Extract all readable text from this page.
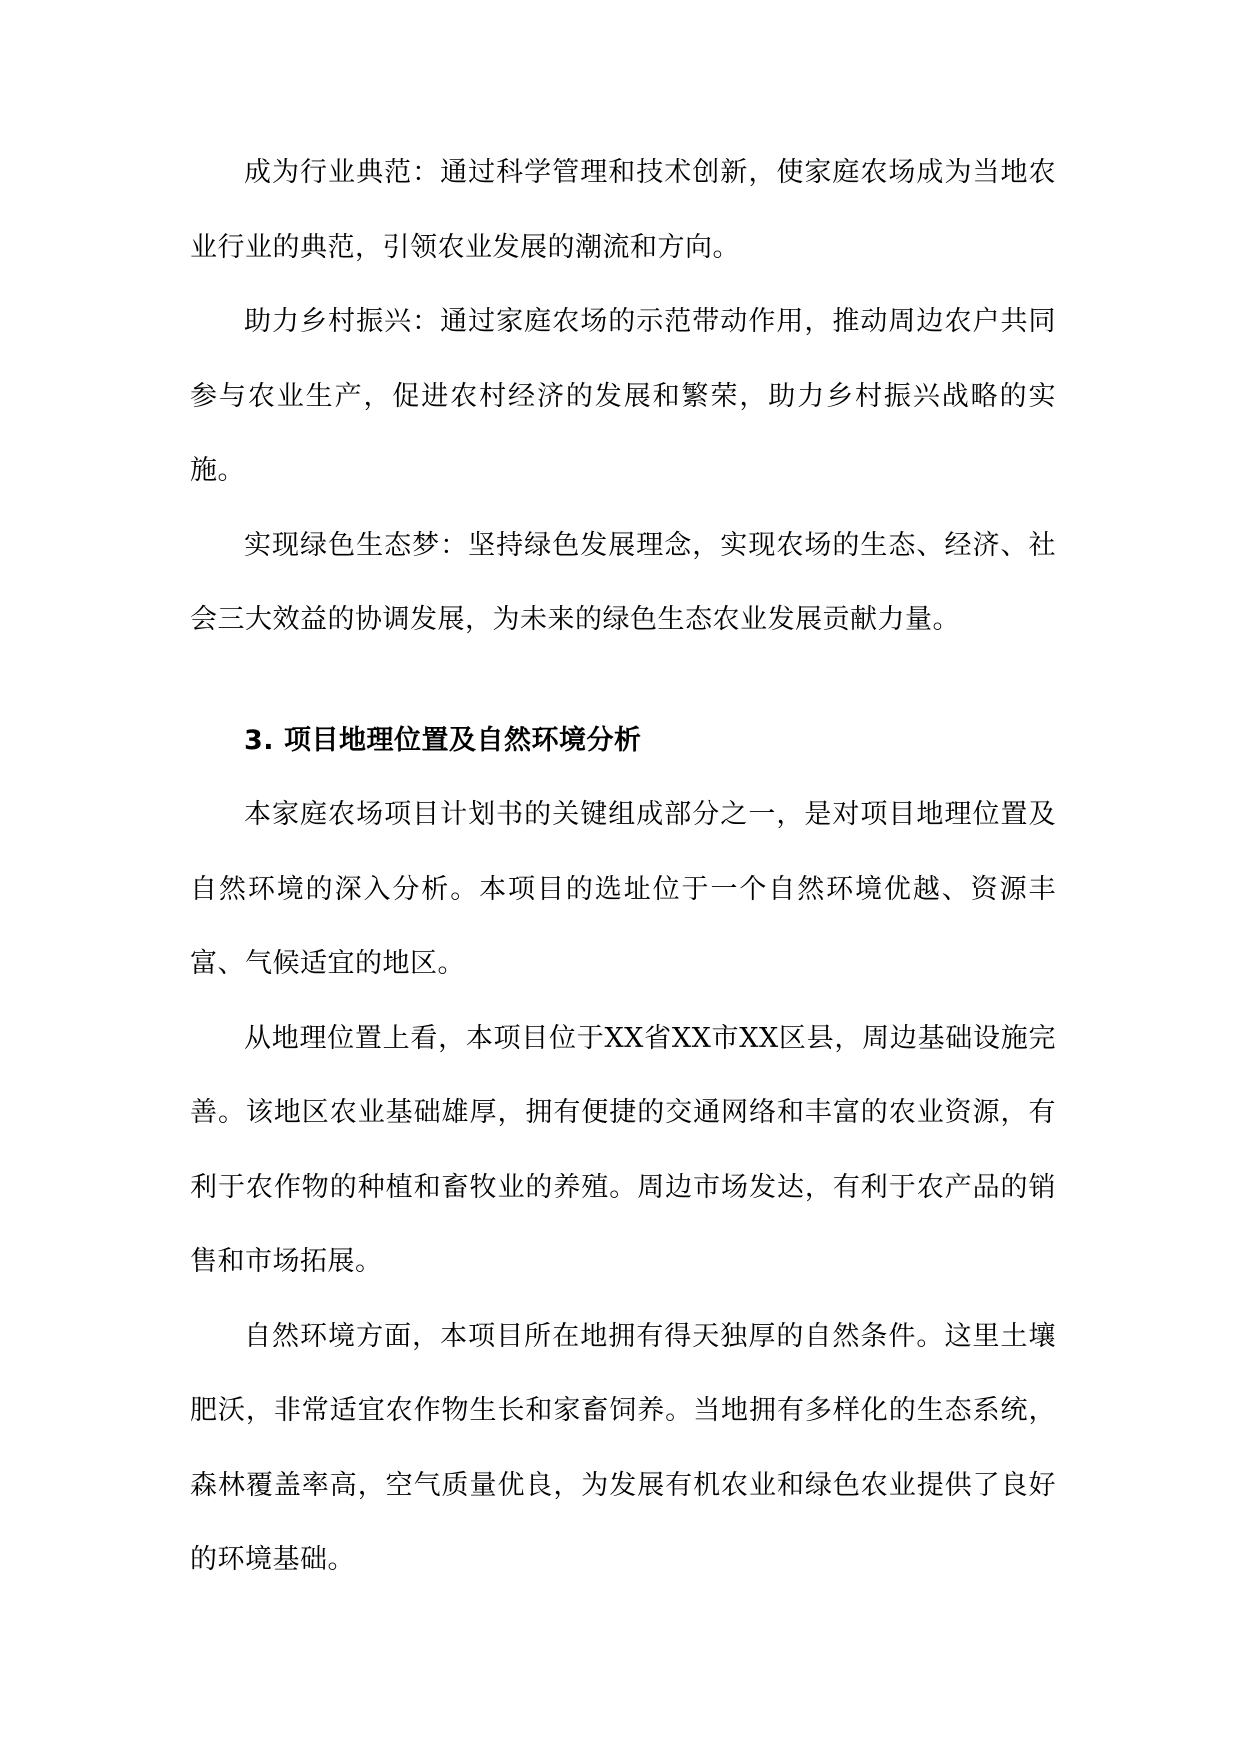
成为行业典范：通过科学管理和技术创新，使家庭农场成为当地农业行业的典范，引领农业发展的潮流和方向。

助力乡村振兴：通过家庭农场的示范带动作用，推动周边农户共同参与农业生产，促进农村经济的发展和繁荣，助力乡村振兴战略的实施。

实现绿色生态梦：坚持绿色发展理念，实现农场的生态、经济、社会三大效益的协调发展，为未来的绿色生态农业发展贡献力量。

3. 项目地理位置及自然环境分析

本家庭农场项目计划书的关键组成部分之一，是对项目地理位置及自然环境的深入分析。本项目的选址位于一个自然环境优越、资源丰富、气候适宜的地区。

从地理位置上看，本项目位于XX省XX市XX区县，周边基础设施完善。该地区农业基础雄厚，拥有便捷的交通网络和丰富的农业资源，有利于农作物的种植和畜牧业的养殖。周边市场发达，有利于农产品的销售和市场拓展。

自然环境方面，本项目所在地拥有得天独厚的自然条件。这里土壤肥沃，非常适宜农作物生长和家畜饲养。当地拥有多样化的生态系统，森林覆盖率高，空气质量优良，为发展有机农业和绿色农业提供了良好的环境基础。
